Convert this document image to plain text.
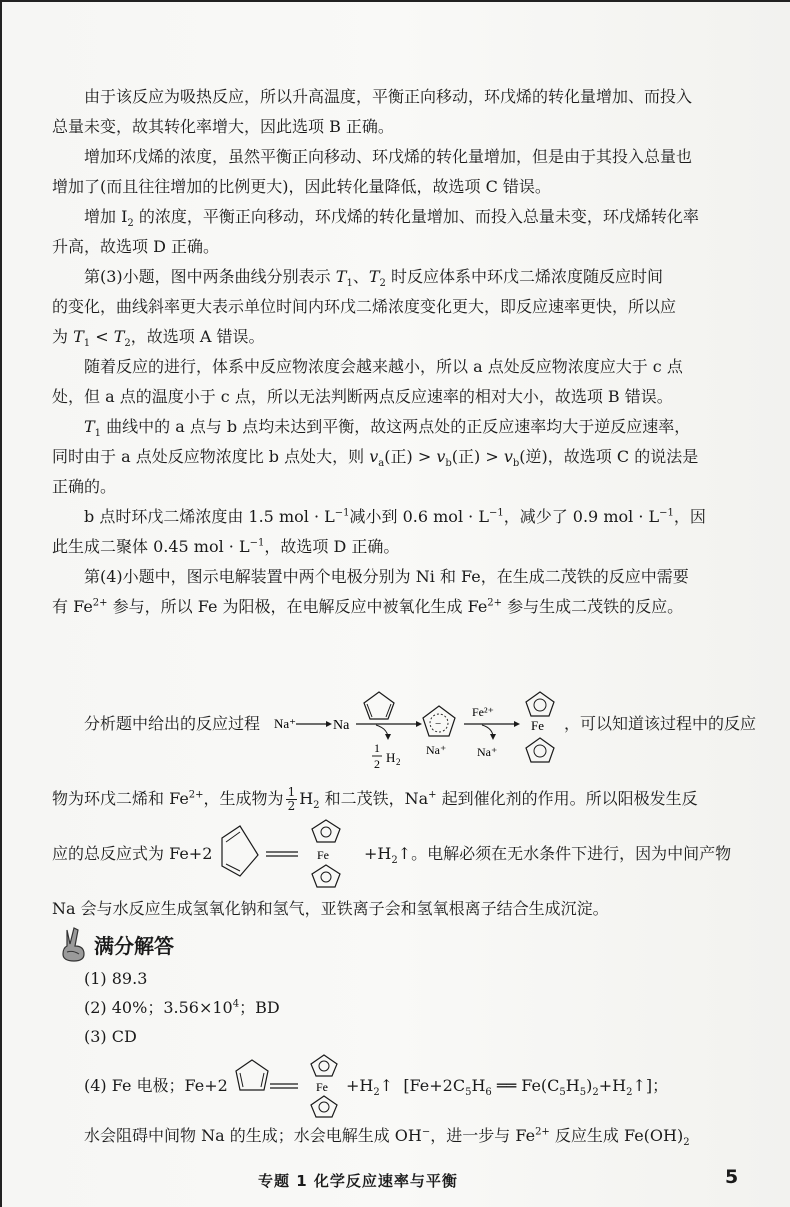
由于该反应为吸热反应，所以升高温度，平衡正向移动，环戊烯的转化量增加、而投入
总量未变，故其转化率增大，因此选项 B 正确。
增加环戊烯的浓度，虽然平衡正向移动、环戊烯的转化量增加，但是由于其投入总量也
增加了(而且往往增加的比例更大)，因此转化量降低，故选项 C 错误。
增加 $I_2$ 的浓度，平衡正向移动，环戊烯的转化量增加、而投入总量未变，环戊烯转化率
升高，故选项 D 正确。
第(3)小题，图中两条曲线分别表示 $T_1$、$T_2$ 时反应体系中环戊二烯浓度随反应时间
的变化，曲线斜率更大表示单位时间内环戊二烯浓度变化更大，即反应速率更快，所以应
为 $T_1 < T_2$，故选项 A 错误。
随着反应的进行，体系中反应物浓度会越来越小，所以 a 点处反应物浓度应大于 c 点
处，但 a 点的温度小于 c 点，所以无法判断两点反应速率的相对大小，故选项 B 错误。
$T_1$ 曲线中的 a 点与 b 点均未达到平衡，故这两点处的正反应速率均大于逆反应速率，
同时由于 a 点处反应物浓度比 b 点处大，则 $v_a$(正) > $v_b$(正) > $v_b$(逆)，故选项 C 的说法是
正确的。
b 点时环戊二烯浓度由 1.5 mol · $L^{-1}$减小到 0.6 mol · $L^{-1}$，减少了 0.9 mol · $L^{-1}$，因
此生成二聚体 0.45 mol · $L^{-1}$，故选项 D 正确。
第(4)小题中，图示电解装置中两个电极分别为 Ni 和 Fe，在生成二茂铁的反应中需要
有 $Fe^{2+}$ 参与，所以 Fe 为阳极，在电解反应中被氧化生成 $Fe^{2+}$ 参与生成二茂铁的反应。
分析题中给出的反应过程 Na⁺	Na
1
2 H 2
−
Na⁺
Fe²⁺
Na⁺
Fe ，可以知道该过程中的反应
物为环戊二烯和 $Fe^{2+}$，生成物为 $\frac{1}{2} H_2$ 和二茂铁，Na+ 起到催化剂的作用。所以阳极发生反
应的总反应式为 Fe+2	$Fe +H_2↑$。电解必须在无水条件下进行，因为中间产物
Na 会与水反应生成氢氧化钠和氢气，亚铁离子会和氢氧根离子结合生成沉淀。
满分解答
(1) 89.3
(2) 40%；$3.56\times 10^4$；BD
(3) CD
(4) Fe 电极；Fe+2	$Fe +H_2↑$ [$Fe+2C_5H_6$ ══ $Fe(C_5H_5)_2+H_2↑$]；
水会阻碍中间物 Na 的生成；水会电解生成 OH−，进一步与 $Fe^{2+}$ 反应生成 $Fe(OH)_2$
专题 1 化学反应速率与平衡	5
